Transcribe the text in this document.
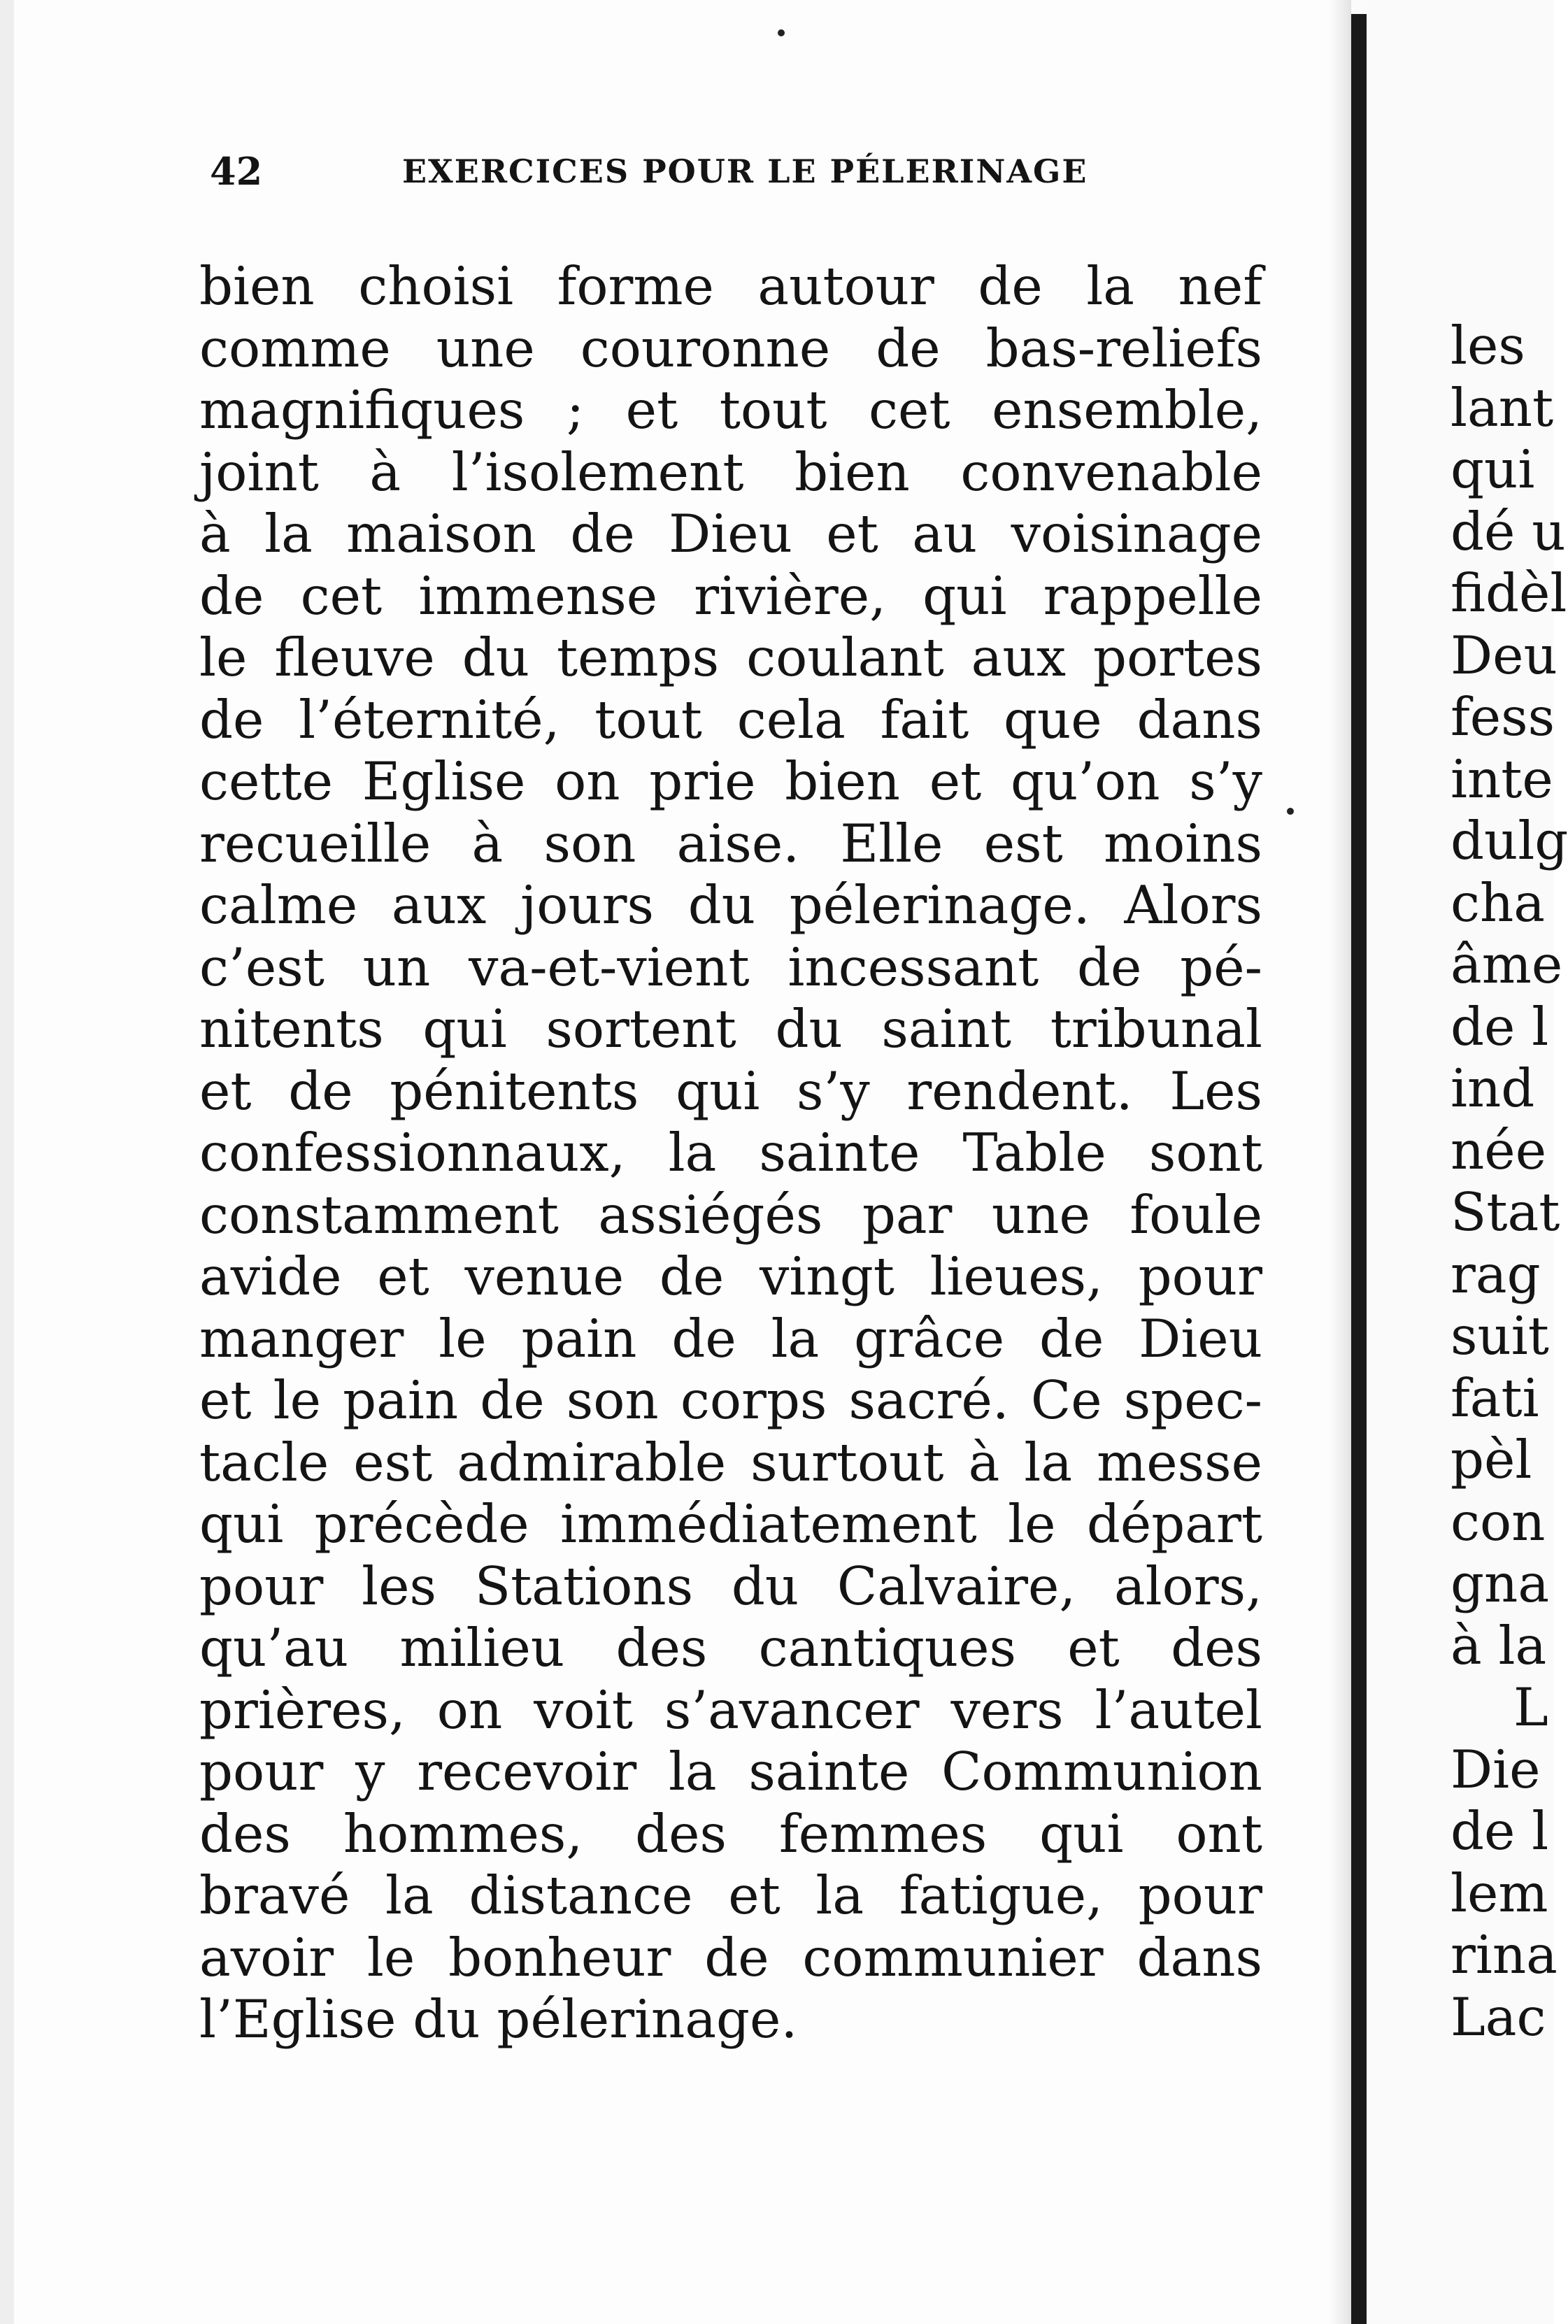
42	EXERCICES POUR LE PÉLERINAGE
bien choisi forme autour de la nef
comme une couronne de bas-reliefs
magnifiques ; et tout cet ensemble,
joint à l’isolement bien convenable
à la maison de Dieu et au voisinage
de cet immense rivière, qui rappelle
le fleuve du temps coulant aux portes
de l’éternité, tout cela fait que dans
cette Eglise on prie bien et qu’on s’y
recueille à son aise. Elle est moins
calme aux jours du pélerinage. Alors
c’est un va-et-vient incessant de pé-
nitents qui sortent du saint tribunal
et de pénitents qui s’y rendent. Les
confessionnaux, la sainte Table sont
constamment assiégés par une foule
avide et venue de vingt lieues, pour
manger le pain de la grâce de Dieu
et le pain de son corps sacré. Ce spec-
tacle est admirable surtout à la messe
qui précède immédiatement le départ
pour les Stations du Calvaire, alors,
qu’au milieu des cantiques et des
prières, on voit s’avancer vers l’autel
pour y recevoir la sainte Communion
des hommes, des femmes qui ont
bravé la distance et la fatigue, pour
avoir le bonheur de communier dans
l’Eglise du pélerinage.
les
lant
qui
dé u
fidèl
Deu
fess
inte
dulg
cha
âme
de l
ind
née
Stat
rag
suit
fati
pèl
con
gna
à la
L
Die
de l
lem
rina
Lac
